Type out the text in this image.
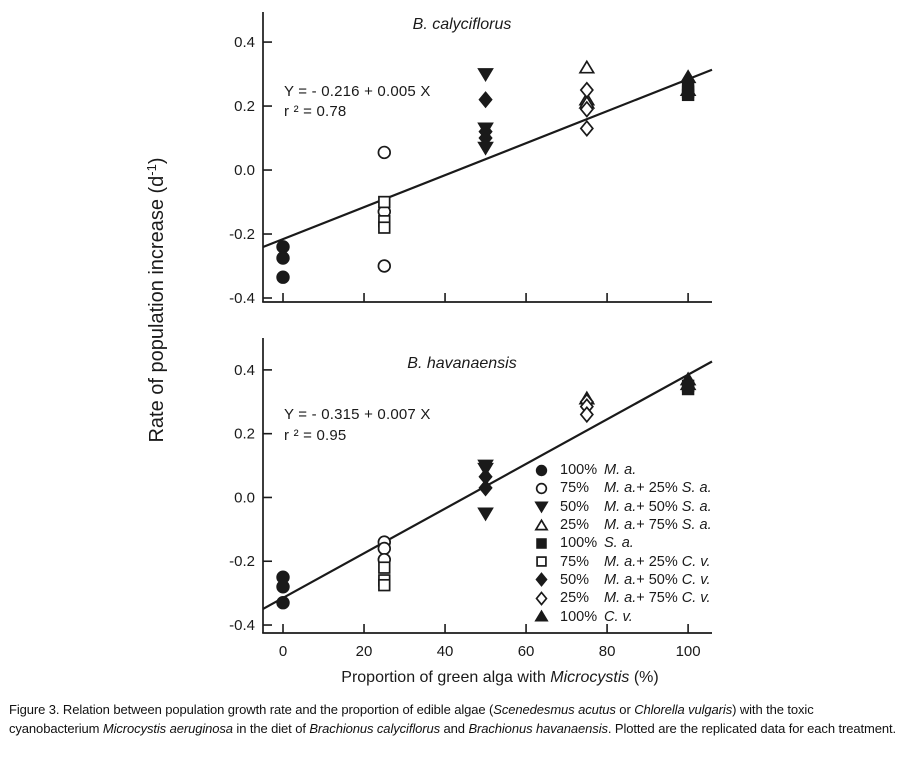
0.4
0.2
0.0
-0.2
-0.4
0.4
0.2
0.0
-0.2
-0.4
0	20	40	60	80	100
Rate of population increase $(d^{-1})$
Proportion of green alga with Microcystis (%)
B. calyciflorus
Y = - 0.216 + 0.005 X
r ² = 0.78
B. havanaensis
Y = - 0.315 + 0.007 X
r ² = 0.95
100% M. a.
75%	M. a.+ 25% S. a.
50%	M. a.+ 50% S. a.
25%	M. a.+ 75% S. a.
100% S. a.
75%	M. a.+ 25% C. v.
50%	M. a.+ 50% C. v.
25%	M. a.+ 75% C. v.
100% C. v.
Figure 3. Relation between population growth rate and the proportion of edible algae (Scenedesmus acutus or Chlorella vulgaris) with the toxic cyanobacterium Microcystis aeruginosa in the diet of Brachionus calyciflorus and Brachionus havanaensis. Plotted are the replicated data for each treatment.
